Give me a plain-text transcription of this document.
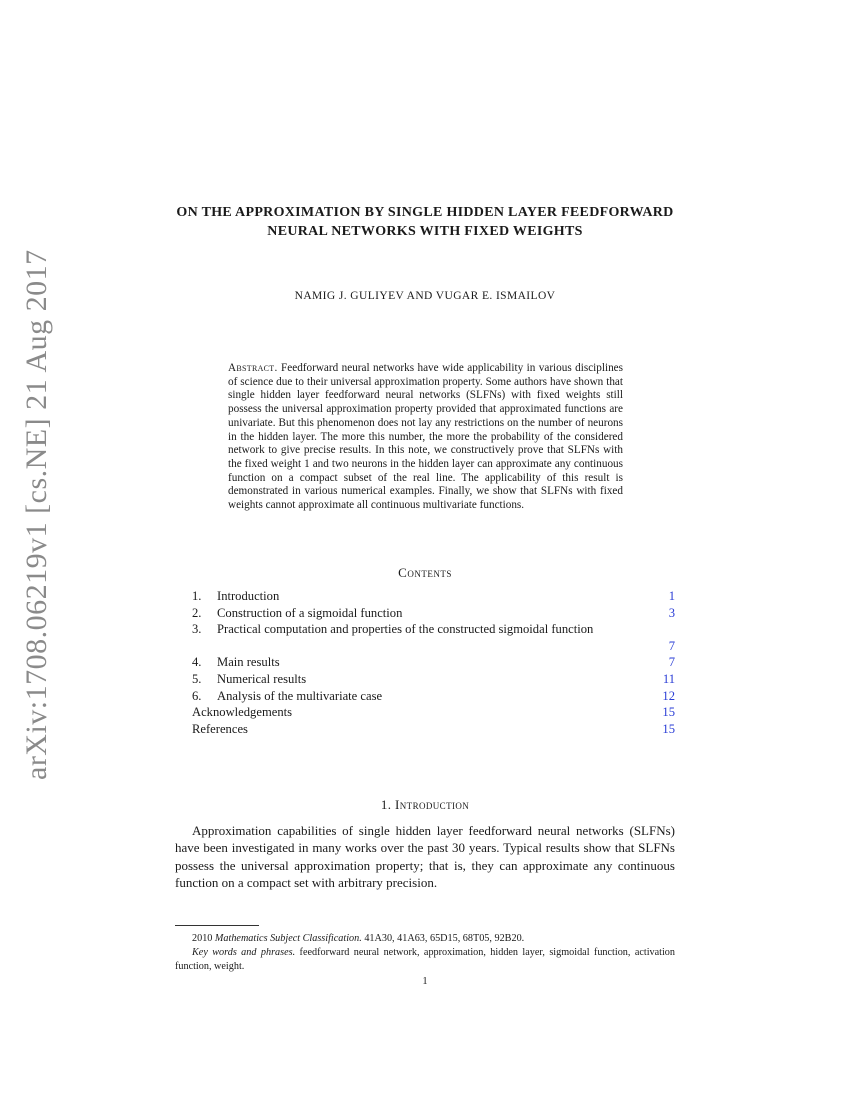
arXiv:1708.06219v1 [cs.NE] 21 Aug 2017
ON THE APPROXIMATION BY SINGLE HIDDEN LAYER FEEDFORWARD NEURAL NETWORKS WITH FIXED WEIGHTS
NAMIG J. GULIYEV AND VUGAR E. ISMAILOV
Abstract. Feedforward neural networks have wide applicability in various disciplines of science due to their universal approximation property. Some authors have shown that single hidden layer feedforward neural networks (SLFNs) with fixed weights still possess the universal approximation property provided that approximated functions are univariate. But this phenomenon does not lay any restrictions on the number of neurons in the hidden layer. The more this number, the more the probability of the considered network to give precise results. In this note, we constructively prove that SLFNs with the fixed weight 1 and two neurons in the hidden layer can approximate any continuous function on a compact subset of the real line. The applicability of this result is demonstrated in various numerical examples. Finally, we show that SLFNs with fixed weights cannot approximate all continuous multivariate functions.
Contents
1.	Introduction	1
2.	Construction of a sigmoidal function	3
3.	Practical computation and properties of the constructed sigmoidal function
7
4.	Main results	7
5.	Numerical results	11
6.	Analysis of the multivariate case	12
Acknowledgements	15
References	15
1. Introduction
Approximation capabilities of single hidden layer feedforward neural networks (SLFNs) have been investigated in many works over the past 30 years. Typical results show that SLFNs possess the universal approximation property; that is, they can approximate any continuous function on a compact set with arbitrary precision.

2010 Mathematics Subject Classification. 41A30, 41A63, 65D15, 68T05, 92B20.

Key words and phrases. feedforward neural network, approximation, hidden layer, sigmoidal function, activation function, weight.

1
